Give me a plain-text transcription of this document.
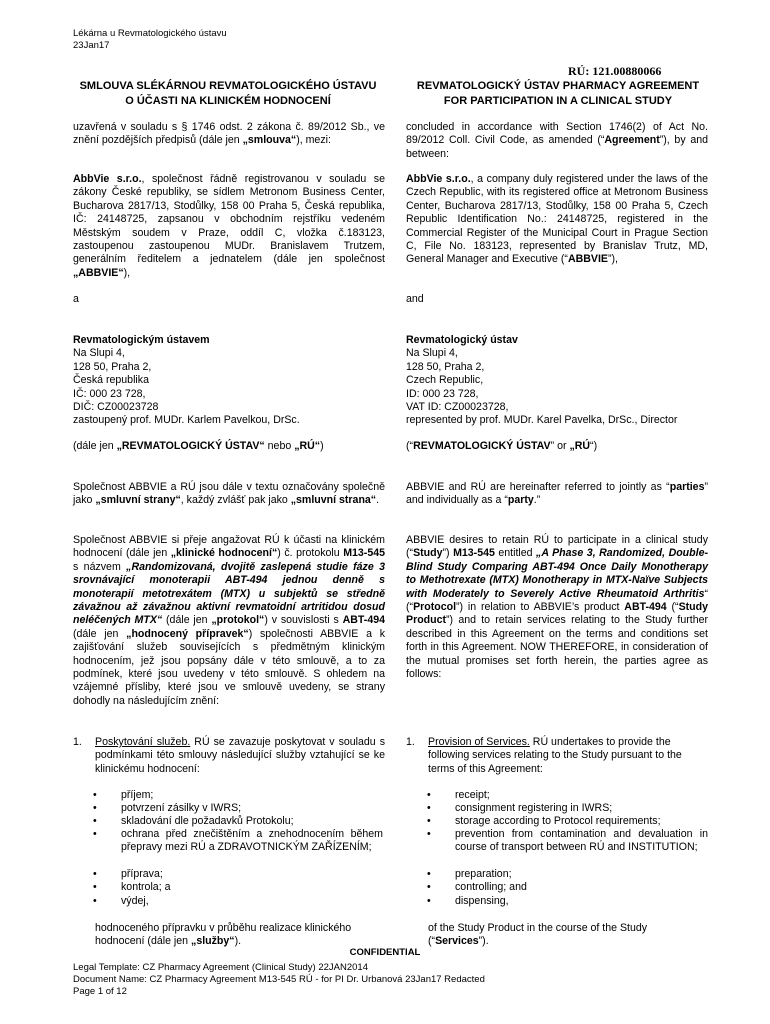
Lékárna u Revmatologického ústavu
23Jan17
RÚ: 121.00880066
SMLOUVA SLÉKÁRNOU REVMATOLOGICKÉHO ÚSTAVU
O ÚČASTI NA KLINICKÉM HODNOCENÍ
REVMATOLOGICKÝ ÚSTAV PHARMACY AGREEMENT
FOR PARTICIPATION IN A CLINICAL STUDY
uzavřená v souladu s § 1746 odst. 2 zákona č. 89/2012 Sb., ve znění pozdějších předpisů (dále jen „smlouva“), mezi:
concluded in accordance with Section 1746(2) of Act No. 89/2012 Coll. Civil Code, as amended (“Agreement”), by and between:
AbbVie s.r.o., společnost řádně registrovanou v souladu se zákony České republiky, se sídlem Metronom Business Center, Bucharova 2817/13, Stodůlky, 158 00 Praha 5, Česká republika, IČ: 24148725, zapsanou v obchodním rejstříku vedeném Městským soudem v Praze, oddíl C, vložka č.183123, zastoupenou zastoupenou MUDr. Branislavem Trutzem, generálním ředitelem a jednatelem (dále jen společnost „ABBVIE“),
AbbVie s.r.o., a company duly registered under the laws of the Czech Republic, with its registered office at Metronom Business Center, Bucharova 2817/13, Stodůlky, 158 00 Praha 5, Czech Republic Identification No.: 24148725, registered in the Commercial Register of the Municipal Court in Prague Section C, File No. 183123, represented by Branislav Trutz, MD, General Manager and Executive (“ABBVIE”),
a	and
Revmatologickým ústavem
Na Slupi 4,
128 50, Praha 2,
Česká republika
IČ: 000 23 728,
DIČ: CZ00023728
zastoupený prof. MUDr. Karlem Pavelkou, DrSc.
Revmatologický ústav
Na Slupi 4,
128 50, Praha 2,
Czech Republic,
ID: 000 23 728,
VAT ID: CZ00023728,
represented by prof. MUDr. Karel Pavelka, DrSc., Director
(dále jen „REVMATOLOGICKÝ ÚSTAV“ nebo „RÚ“)	(“REVMATOLOGICKÝ ÚSTAV” or „RÚ“)
Společnost ABBVIE a RÚ jsou dále v textu označovány společně jako „smluvní strany“, každý zvlášť pak jako „smluvní strana“.
ABBVIE and RÚ are hereinafter referred to jointly as “parties” and individually as a “party.”
Společnost ABBVIE si přeje angažovat RÚ k účasti na klinickém hodnocení (dále jen „klinické hodnocení“) č. protokolu M13-545 s názvem „Randomizovaná, dvojitě zaslepená studie fáze 3 srovnávající monoterapii ABT-494 jednou denně s monoterapií metotrexátem (MTX) u subjektů se středně závažnou až závažnou aktivní revmatoidní artritidou dosud neléčených MTX“ (dále jen „protokol“) v souvislosti s ABT-494 (dále jen „hodnocený přípravek“) společnosti ABBVIE a k zajišťování služeb souvisejících s předmětným klinickým hodnocením, jež jsou popsány dále v této smlouvě, a to za podmínek, které jsou uvedeny v této smlouvě. S ohledem na vzájemné přísliby, které jsou ve smlouvě uvedeny, se strany dohodly na následujícím znění:
ABBVIE desires to retain RÚ to participate in a clinical study (“Study”) M13-545 entitled „A Phase 3, Randomized, Double-Blind Study Comparing ABT-494 Once Daily Monotherapy to Methotrexate (MTX) Monotherapy in MTX-Naïve Subjects with Moderately to Severely Active Rheumatoid Arthritis“ (“Protocol”) in relation to ABBVIE’s product ABT-494 (“Study Product”) and to retain services relating to the Study further described in this Agreement on the terms and conditions set forth in this Agreement. NOW THEREFORE, in consideration of the mutual promises set forth herein, the parties agree as follows:
1. Poskytování služeb. RÚ se zavazuje poskytovat v souladu s podmínkami této smlouvy následující služby vztahující se ke klinickému hodnocení:
1. Provision of Services. RÚ undertakes to provide the following services relating to the Study pursuant to the terms of this Agreement:
• příjem;
• potvrzení zásilky v IWRS;
• skladování dle požadavků Protokolu;
• ochrana před znečištěním a znehodnocením během přepravy mezi RÚ a ZDRAVOTNICKÝM ZAŘÍZENÍM;
• příprava;
• kontrola; a
• výdej,
• receipt;
• consignment registering in IWRS;
• storage according to Protocol requirements;
• prevention from contamination and devaluation in course of transport between RÚ and INSTITUTION;
• preparation;
• controlling; and
• dispensing,
hodnoceného přípravku v průběhu realizace klinického hodnocení (dále jen „služby“).
of the Study Product in the course of the Study (“Services”).
CONFIDENTIAL
Legal Template: CZ Pharmacy Agreement (Clinical Study) 22JAN2014
Document Name: CZ Pharmacy Agreement M13-545 RÚ - for PI Dr. Urbanová 23Jan17 Redacted
Page 1 of 12
